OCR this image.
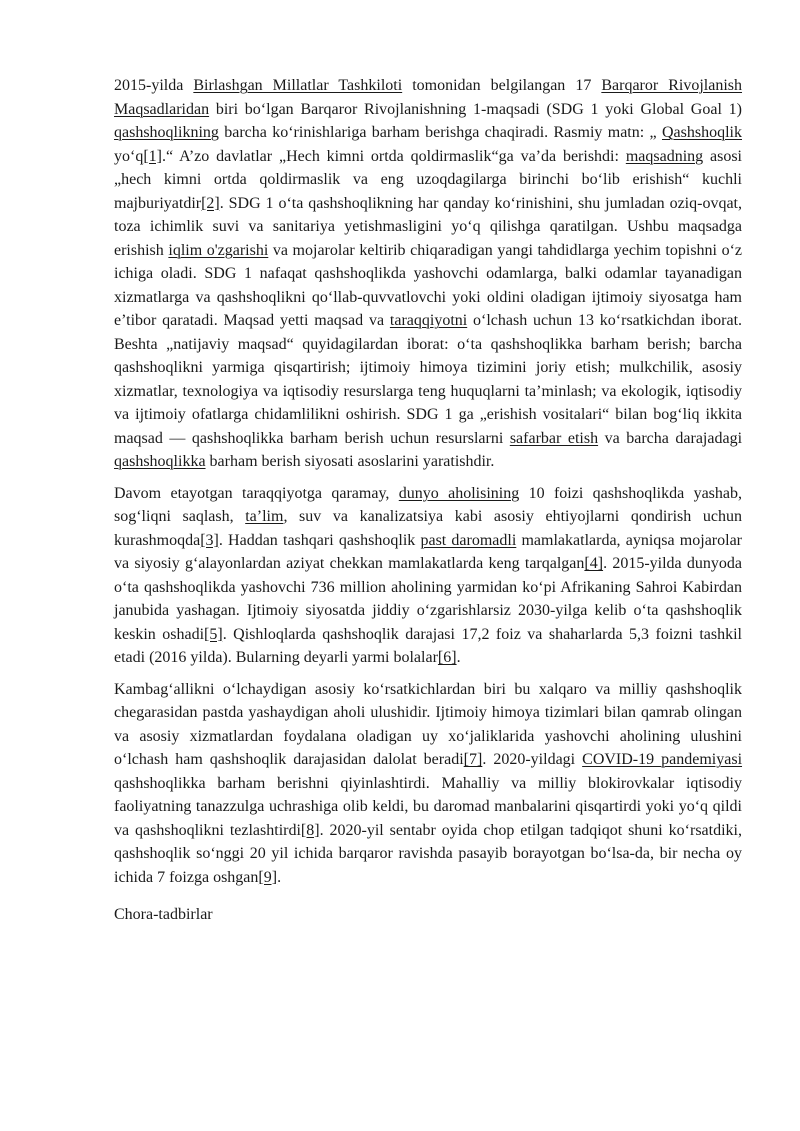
2015-yilda Birlashgan Millatlar Tashkiloti tomonidan belgilangan 17 Barqaror Rivojlanish Maqsadlaridan biri bo‘lgan Barqaror Rivojlanishning 1-maqsadi (SDG 1 yoki Global Goal 1) qashshoqlikning barcha ko‘rinishlariga barham berishga chaqiradi. Rasmiy matn: „ Qashshoqlik yo‘q[1].“ A’zo davlatlar „Hech kimni ortda qoldirmaslik“ga va’da berishdi: maqsadning asosi „hech kimni ortda qoldirmaslik va eng uzoqdagilarga birinchi bo‘lib erishish“ kuchli majburiyatdir[2]. SDG 1 o‘ta qashshoqlikning har qanday ko‘rinishini, shu jumladan oziq-ovqat, toza ichimlik suvi va sanitariya yetishmasligini yo‘q qilishga qaratilgan. Ushbu maqsadga erishish iqlim o'zgarishi va mojarolar keltirib chiqaradigan yangi tahdidlarga yechim topishni o‘z ichiga oladi. SDG 1 nafaqat qashshoqlikda yashovchi odamlarga, balki odamlar tayanadigan xizmatlarga va qashshoqlikni qo‘llab-quvvatlovchi yoki oldini oladigan ijtimoiy siyosatga ham e’tibor qaratadi. Maqsad yetti maqsad va taraqqiyotni o‘lchash uchun 13 ko‘rsatkichdan iborat. Beshta „natijaviy maqsad“ quyidagilardan iborat: o‘ta qashshoqlikka barham berish; barcha qashshoqlikni yarmiga qisqartirish; ijtimoiy himoya tizimini joriy etish; mulkchilik, asosiy xizmatlar, texnologiya va iqtisodiy resurslarga teng huquqlarni ta’minlash; va ekologik, iqtisodiy va ijtimoiy ofatlarga chidamlilikni oshirish. SDG 1 ga „erishish vositalari“ bilan bog‘liq ikkita maqsad — qashshoqlikka barham berish uchun resurslarni safarbar etish va barcha darajadagi qashshoqlikka barham berish siyosati asoslarini yaratishdir.

Davom etayotgan taraqqiyotga qaramay, dunyo aholisining 10 foizi qashshoqlikda yashab, sog‘liqni saqlash, ta’lim, suv va kanalizatsiya kabi asosiy ehtiyojlarni qondirish uchun kurashmoqda[3]. Haddan tashqari qashshoqlik past daromadli mamlakatlarda, ayniqsa mojarolar va siyosiy g‘alayonlardan aziyat chekkan mamlakatlarda keng tarqalgan[4]. 2015-yilda dunyoda o‘ta qashshoqlikda yashovchi 736 million aholining yarmidan ko‘pi Afrikaning Sahroi Kabirdan janubida yashagan. Ijtimoiy siyosatda jiddiy o‘zgarishlarsiz 2030-yilga kelib o‘ta qashshoqlik keskin oshadi[5]. Qishloqlarda qashshoqlik darajasi 17,2 foiz va shaharlarda 5,3 foizni tashkil etadi (2016 yilda). Bularning deyarli yarmi bolalar[6].

Kambag‘allikni o‘lchaydigan asosiy ko‘rsatkichlardan biri bu xalqaro va milliy qashshoqlik chegarasidan pastda yashaydigan aholi ulushidir. Ijtimoiy himoya tizimlari bilan qamrab olingan va asosiy xizmatlardan foydalana oladigan uy xo‘jaliklarida yashovchi aholining ulushini o‘lchash ham qashshoqlik darajasidan dalolat beradi[7]. 2020-yildagi COVID-19 pandemiyasi qashshoqlikka barham berishni qiyinlashtirdi. Mahalliy va milliy blokirovkalar iqtisodiy faoliyatning tanazzulga uchrashiga olib keldi, bu daromad manbalarini qisqartirdi yoki yo‘q qildi va qashshoqlikni tezlashtirdi[8]. 2020-yil sentabr oyida chop etilgan tadqiqot shuni ko‘rsatdiki, qashshoqlik so‘nggi 20 yil ichida barqaror ravishda pasayib borayotgan bo‘lsa-da, bir necha oy ichida 7 foizga oshgan[9].

Chora-tadbirlar
